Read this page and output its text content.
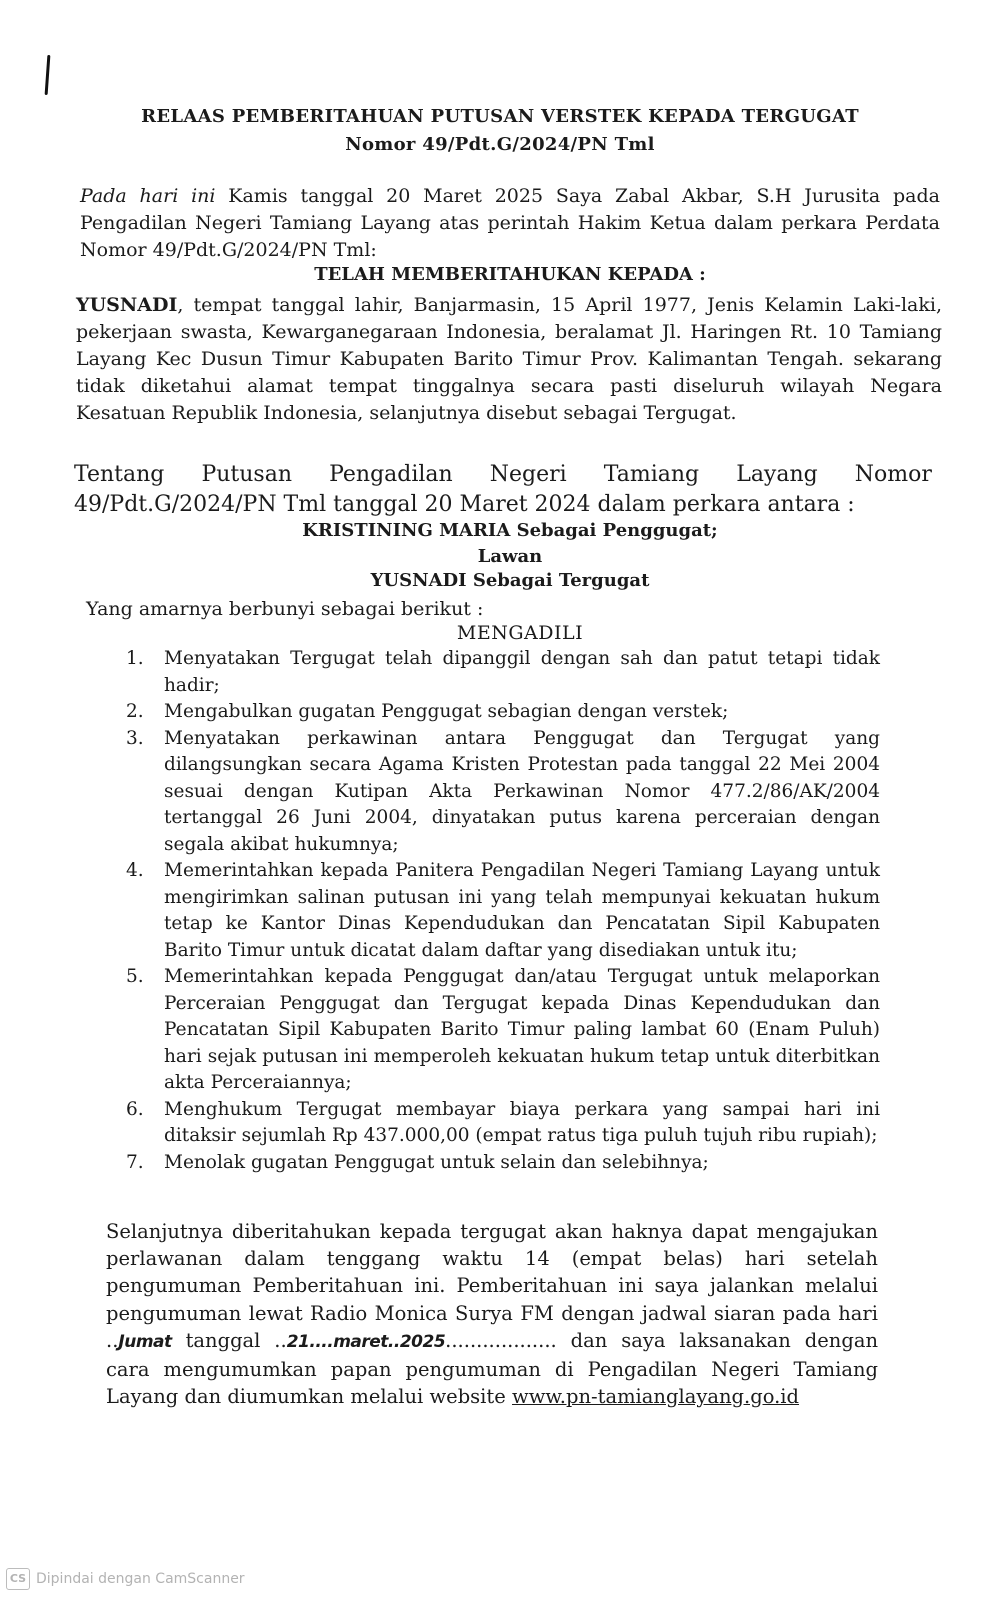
RELAAS PEMBERITAHUAN PUTUSAN VERSTEK KEPADA TERGUGAT
Nomor 49/Pdt.G/2024/PN Tml
Pada hari ini Kamis tanggal 20 Maret 2025 Saya Zabal Akbar, S.H Jurusita pada Pengadilan Negeri Tamiang Layang atas perintah Hakim Ketua dalam perkara Perdata Nomor 49/Pdt.G/2024/PN Tml:
TELAH MEMBERITAHUKAN KEPADA :
YUSNADI, tempat tanggal lahir, Banjarmasin, 15 April 1977, Jenis Kelamin Laki-laki, pekerjaan swasta, Kewarganegaraan Indonesia, beralamat Jl. Haringen Rt. 10 Tamiang Layang Kec Dusun Timur Kabupaten Barito Timur Prov. Kalimantan Tengah. sekarang tidak diketahui alamat tempat tinggalnya secara pasti diseluruh wilayah Negara Kesatuan Republik Indonesia, selanjutnya disebut sebagai Tergugat.
Tentang Putusan Pengadilan Negeri Tamiang Layang Nomor
49/Pdt.G/2024/PN Tml tanggal 20 Maret 2024 dalam perkara antara :
KRISTINING MARIA Sebagai Penggugat;
Lawan
YUSNADI Sebagai Tergugat
Yang amarnya berbunyi sebagai berikut :
MENGADILI
1. Menyatakan Tergugat telah dipanggil dengan sah dan patut tetapi tidak hadir;
2. Mengabulkan gugatan Penggugat sebagian dengan verstek;
3. Menyatakan perkawinan antara Penggugat dan Tergugat yang dilangsungkan secara Agama Kristen Protestan pada tanggal 22 Mei 2004 sesuai dengan Kutipan Akta Perkawinan Nomor 477.2/86/AK/2004 tertanggal 26 Juni 2004, dinyatakan putus karena perceraian dengan segala akibat hukumnya;
4. Memerintahkan kepada Panitera Pengadilan Negeri Tamiang Layang untuk mengirimkan salinan putusan ini yang telah mempunyai kekuatan hukum tetap ke Kantor Dinas Kependudukan dan Pencatatan Sipil Kabupaten Barito Timur untuk dicatat dalam daftar yang disediakan untuk itu;
5. Memerintahkan kepada Penggugat dan/atau Tergugat untuk melaporkan Perceraian Penggugat dan Tergugat kepada Dinas Kependudukan dan Pencatatan Sipil Kabupaten Barito Timur paling lambat 60 (Enam Puluh) hari sejak putusan ini memperoleh kekuatan hukum tetap untuk diterbitkan akta Perceraiannya;
6. Menghukum Tergugat membayar biaya perkara yang sampai hari ini ditaksir sejumlah Rp 437.000,00 (empat ratus tiga puluh tujuh ribu rupiah);
7. Menolak gugatan Penggugat untuk selain dan selebihnya;
Selanjutnya diberitahukan kepada tergugat akan haknya dapat mengajukan perlawanan dalam tenggang waktu 14 (empat belas) hari setelah pengumuman Pemberitahuan ini. Pemberitahuan ini saya jalankan melalui pengumuman lewat Radio Monica Surya FM dengan jadwal siaran pada hari ..Jumat tanggal ..21....maret..2025.................. dan saya laksanakan dengan cara mengumumkan papan pengumuman di Pengadilan Negeri Tamiang Layang dan diumumkan melalui website www.pn-tamianglayang.go.id
CS Dipindai dengan CamScanner
